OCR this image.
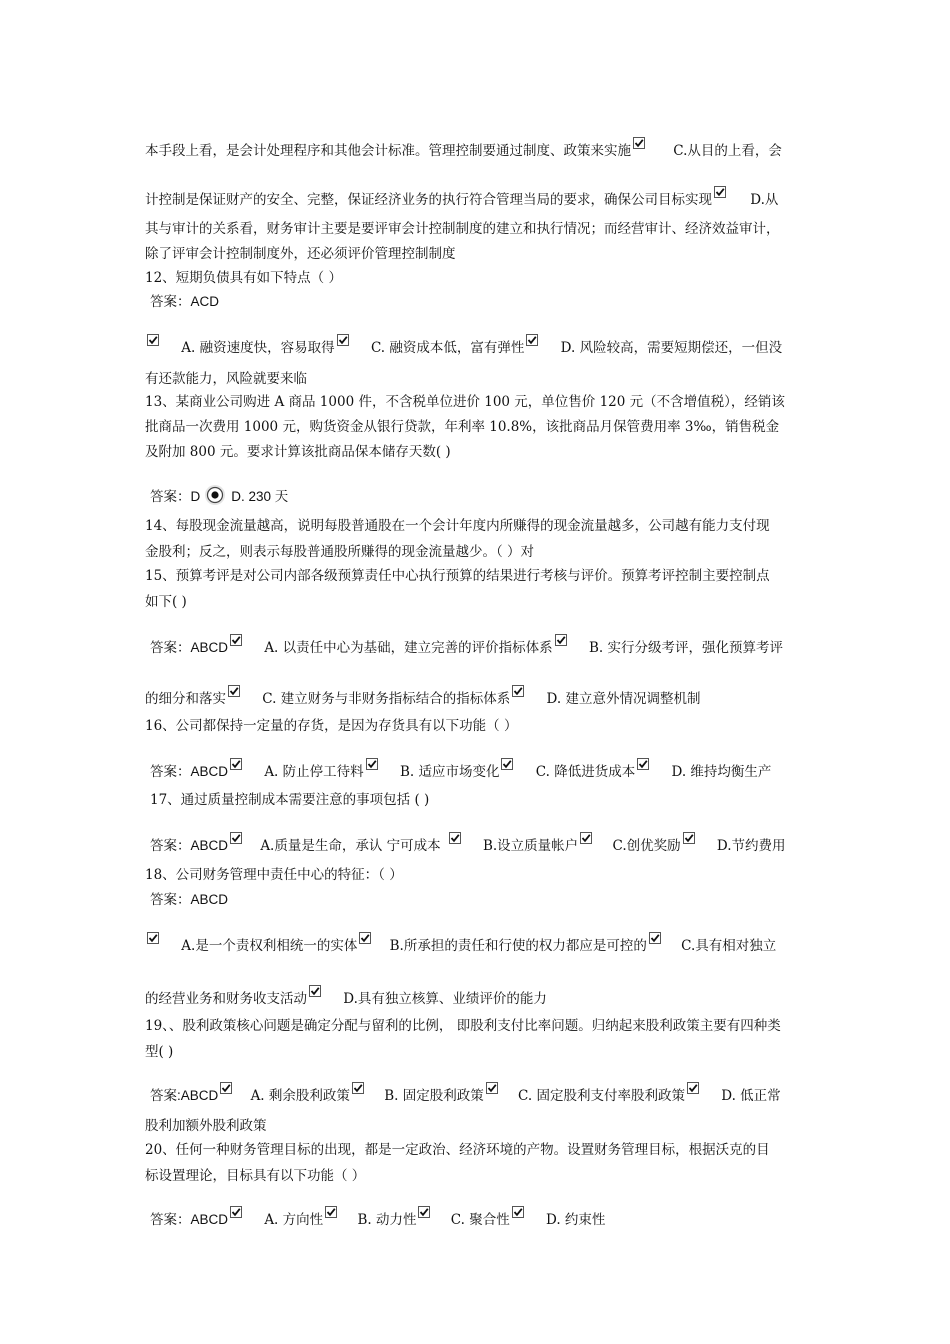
本手段上看，是会计处理程序和其他会计标准。管理控制要通过制度、政策来实施	C.从目的上看，会
计控制是保证财产的安全、完整，保证经济业务的执行符合管理当局的要求，确保公司目标实现	D.从
其与审计的关系看，财务审计主要是要评审会计控制制度的建立和执行情况；而经营审计、经济效益审计，
除了评审会计控制制度外，还必须评价管理控制制度
12、短期负债具有如下特点（ ）
答案：ACD
A. 融资速度快，容易取得	C. 融资成本低，富有弹性	D. 风险较高，需要短期偿还，一但没
有还款能力，风险就要来临
13、某商业公司购进 A 商品 1000 件，不含税单位进价 100 元，单位售价 120 元（不含增值税），经销该
批商品一次费用 1000 元，购货资金从银行贷款，年利率 10.8%，该批商品月保管费用率 3‰，销售税金
及附加 800 元。要求计算该批商品保本储存天数( )
答案：D D. 230 天
14、每股现金流量越高，说明每股普通股在一个会计年度内所赚得的现金流量越多，公司越有能力支付现
金股利；反之，则表示每股普通股所赚得的现金流量越少。（ ）对
15、预算考评是对公司内部各级预算责任中心执行预算的结果进行考核与评价。预算考评控制主要控制点
如下( )
答案：ABCD	A. 以责任中心为基础，建立完善的评价指标体系	B. 实行分级考评，强化预算考评
的细分和落实	C. 建立财务与非财务指标结合的指标体系	D. 建立意外情况调整机制
16、公司都保持一定量的存货，是因为存货具有以下功能（ ）
答案：ABCD	A. 防止停工待料	B. 适应市场变化	C. 降低进货成本	D. 维持均衡生产
17、通过质量控制成本需要注意的事项包括 ( )
答案：ABCD A.质量是生命，承认 宁可成本	B.设立质量帐户	C.创优奖励	D.节约费用
18、公司财务管理中责任中心的特征：（ ）
答案：ABCD
A.是一个责权利相统一的实体 B.所承担的责任和行使的权力都应是可控的	C.具有相对独立
的经营业务和财务收支活动	D.具有独立核算、业绩评价的能力
19、、股利政策核心问题是确定分配与留利的比例， 即股利支付比率问题。归纳起来股利政策主要有四种类
型( )
答案:ABCD A. 剩余股利政策	B. 固定股利政策	C. 固定股利支付率股利政策	D. 低正常
股利加额外股利政策
20、任何一种财务管理目标的出现，都是一定政治、经济环境的产物。设置财务管理目标，根据沃克的目
标设置理论，目标具有以下功能（ ）
答案：ABCD	A. 方向性	B. 动力性	C. 聚合性	D. 约束性
